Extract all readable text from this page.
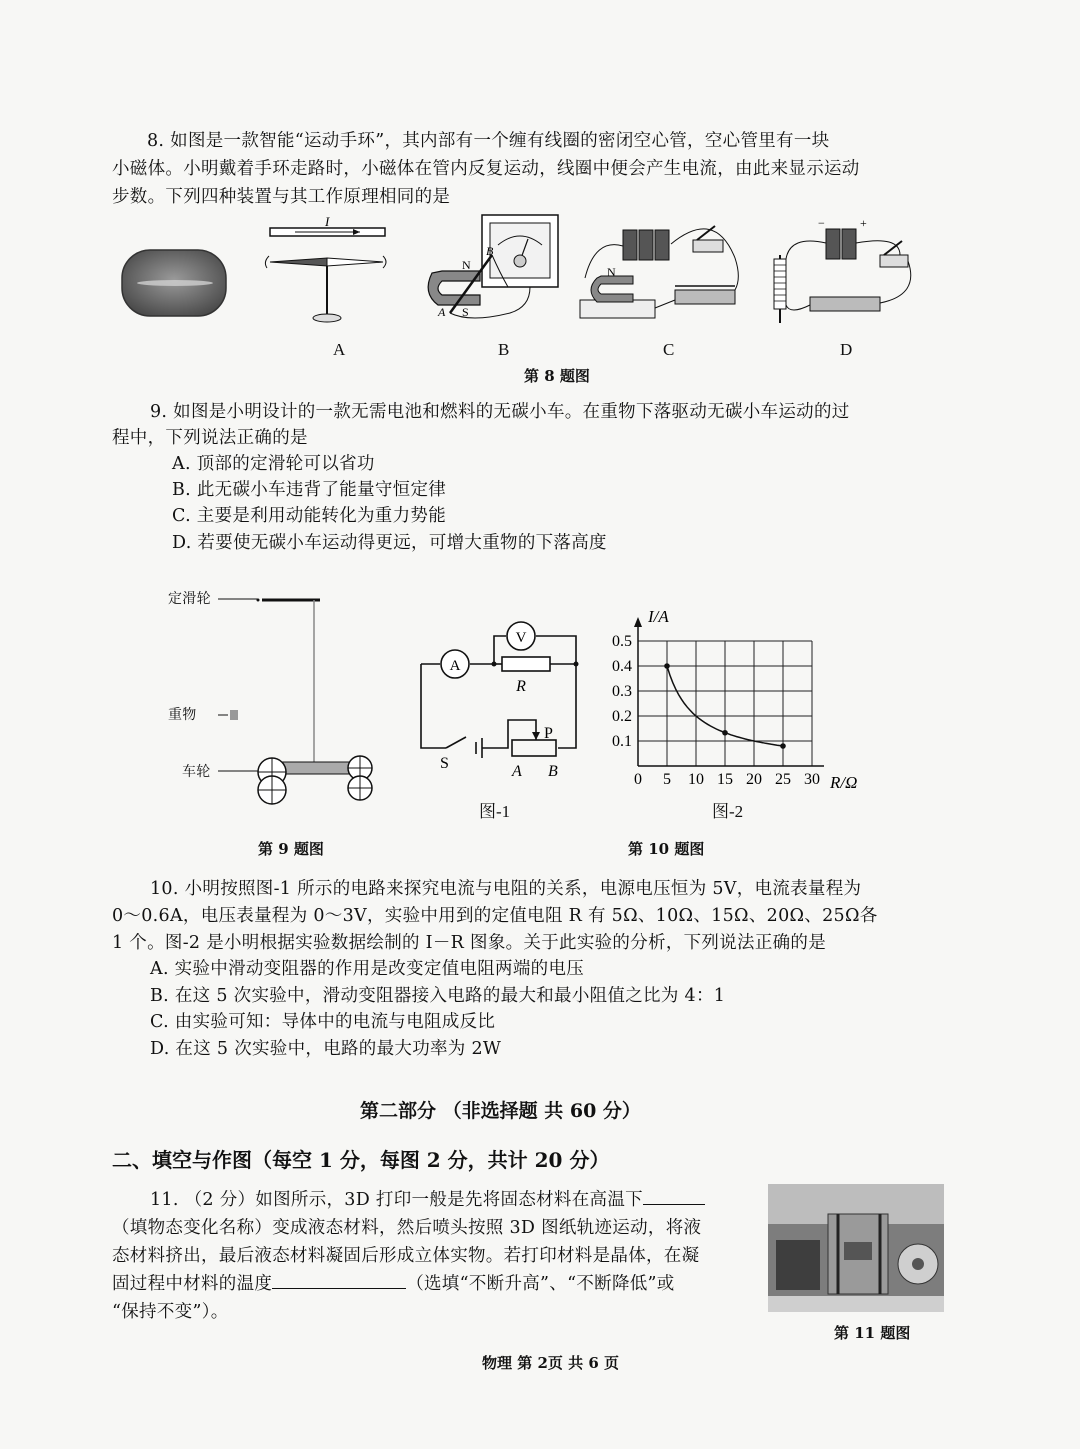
8. 如图是一款智能“运动手环”，其内部有一个缠有线圈的密闭空心管，空心管里有一块
小磁体。小明戴着手环走路时，小磁体在管内反复运动，线圈中便会产生电流，由此来显示运动
步数。下列四种装置与其工作原理相同的是
I
N
S
A
B
N
+
−
A	B	C	D
第 8 题图
9. 如图是小明设计的一款无需电池和燃料的无碳小车。在重物下落驱动无碳小车运动的过
程中，下列说法正确的是
A. 顶部的定滑轮可以省功
B. 此无碳小车违背了能量守恒定律
C. 主要是利用动能转化为重力势能
D. 若要使无碳小车运动得更远，可增大重物的下落高度
定滑轮
重物
车轮
第 9 题图
A
V
R
S
P
A B
图-1
0 5 10 15 20 25 30
0.1
0.2
0.3
0.4
0.5
I/A
R/Ω
图-2
第 10 题图
10. 小明按照图-1 所示的电路来探究电流与电阻的关系，电源电压恒为 5V，电流表量程为
0～0.6A，电压表量程为 0～3V，实验中用到的定值电阻 R 有 5Ω、10Ω、15Ω、20Ω、25Ω各
1 个。图-2 是小明根据实验数据绘制的 I－R 图象。关于此实验的分析，下列说法正确的是
A. 实验中滑动变阻器的作用是改变定值电阻两端的电压
B. 在这 5 次实验中，滑动变阻器接入电路的最大和最小阻值之比为 4：1
C. 由实验可知：导体中的电流与电阻成反比
D. 在这 5 次实验中，电路的最大功率为 2W
第二部分 （非选择题 共 60 分）
二、填空与作图（每空 1 分，每图 2 分，共计 20 分）
11. （2 分）如图所示，3D 打印一般是先将固态材料在高温下
（填物态变化名称）变成液态材料，然后喷头按照 3D 图纸轨迹运动，将液
态材料挤出，最后液态材料凝固后形成立体实物。若打印材料是晶体，在凝
固过程中材料的温度	（选填“不断升高”、“不断降低”或
“保持不变”）。
第 11 题图
物理 第 2页 共 6 页
